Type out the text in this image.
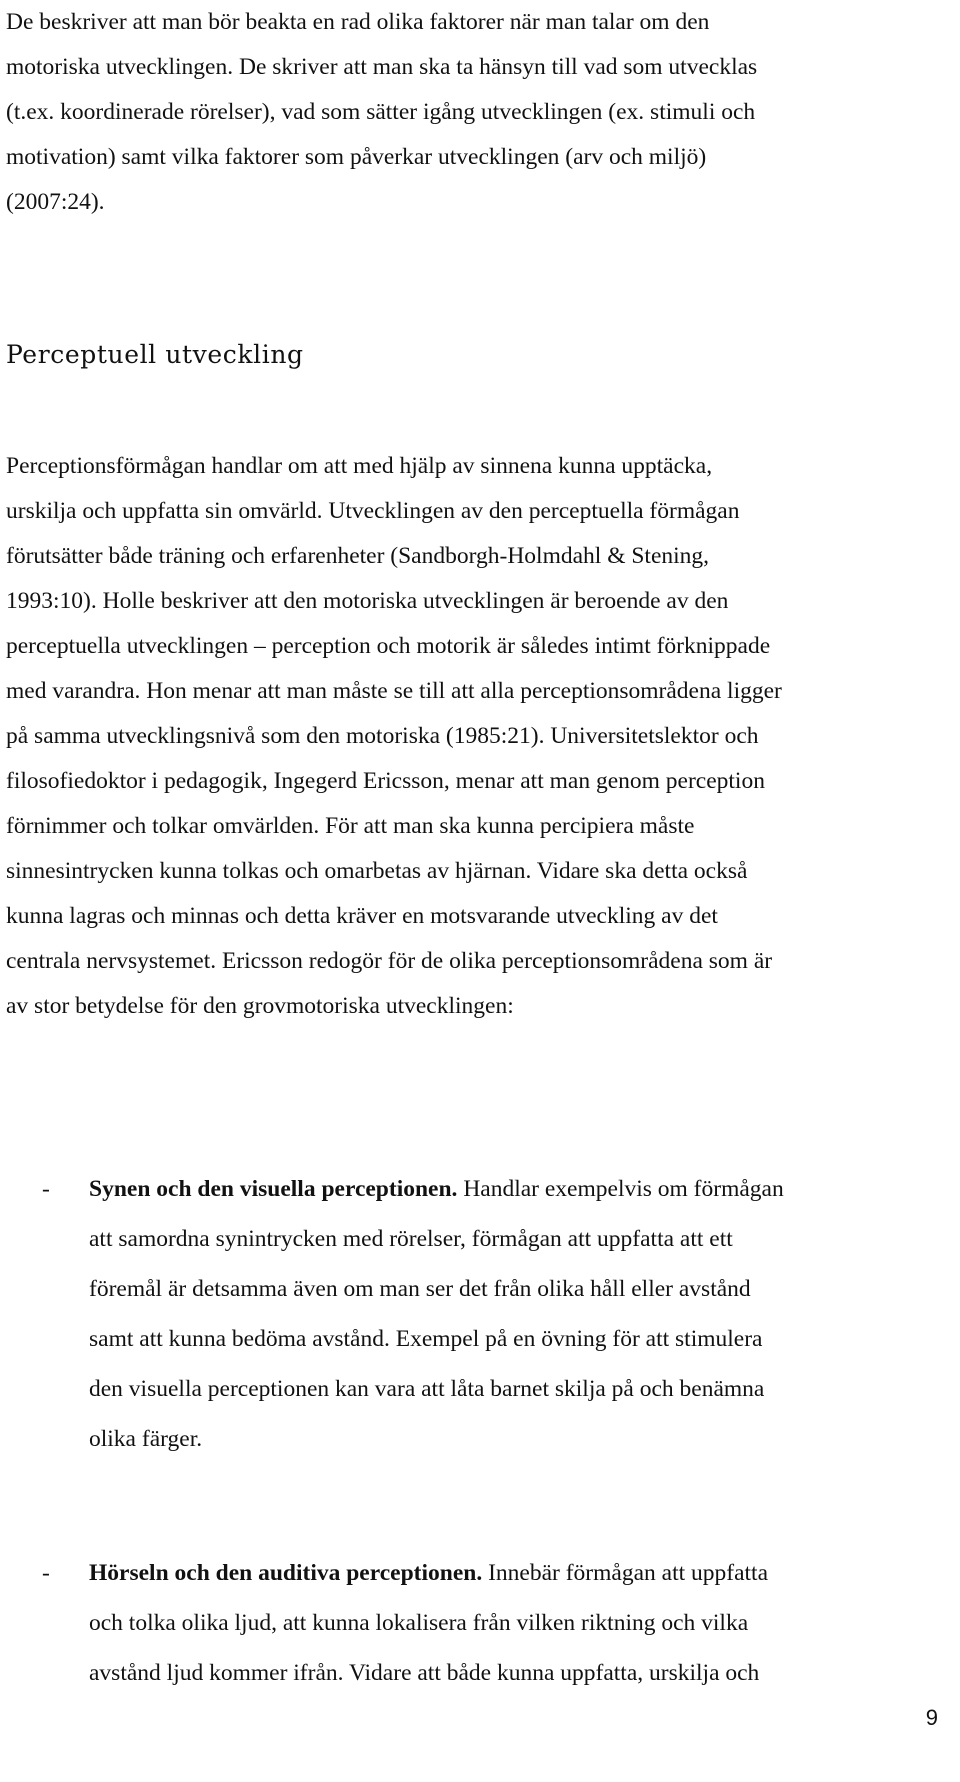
De beskriver att man bör beakta en rad olika faktorer när man talar om den
motoriska utvecklingen. De skriver att man ska ta hänsyn till vad som utvecklas
(t.ex. koordinerade rörelser), vad som sätter igång utvecklingen (ex. stimuli och
motivation) samt vilka faktorer som påverkar utvecklingen (arv och miljö)
(2007:24).

Perceptuell utveckling

Perceptionsförmågan handlar om att med hjälp av sinnena kunna upptäcka,
urskilja och uppfatta sin omvärld. Utvecklingen av den perceptuella förmågan
förutsätter både träning och erfarenheter (Sandborgh-Holmdahl & Stening,
1993:10). Holle beskriver att den motoriska utvecklingen är beroende av den
perceptuella utvecklingen – perception och motorik är således intimt förknippade
med varandra. Hon menar att man måste se till att alla perceptionsområdena ligger
på samma utvecklingsnivå som den motoriska (1985:21). Universitetslektor och
filosofiedoktor i pedagogik, Ingegerd Ericsson, menar att man genom perception
förnimmer och tolkar omvärlden. För att man ska kunna percipiera måste
sinnesintrycken kunna tolkas och omarbetas av hjärnan. Vidare ska detta också
kunna lagras och minnas och detta kräver en motsvarande utveckling av det
centrala nervsystemet. Ericsson redogör för de olika perceptionsområdena som är
av stor betydelse för den grovmotoriska utvecklingen:

- Synen och den visuella perceptionen. Handlar exempelvis om förmågan
att samordna synintrycken med rörelser, förmågan att uppfatta att ett
föremål är detsamma även om man ser det från olika håll eller avstånd
samt att kunna bedöma avstånd. Exempel på en övning för att stimulera
den visuella perceptionen kan vara att låta barnet skilja på och benämna
olika färger.
- Hörseln och den auditiva perceptionen. Innebär förmågan att uppfatta
och tolka olika ljud, att kunna lokalisera från vilken riktning och vilka
avstånd ljud kommer ifrån. Vidare att både kunna uppfatta, urskilja och
9
